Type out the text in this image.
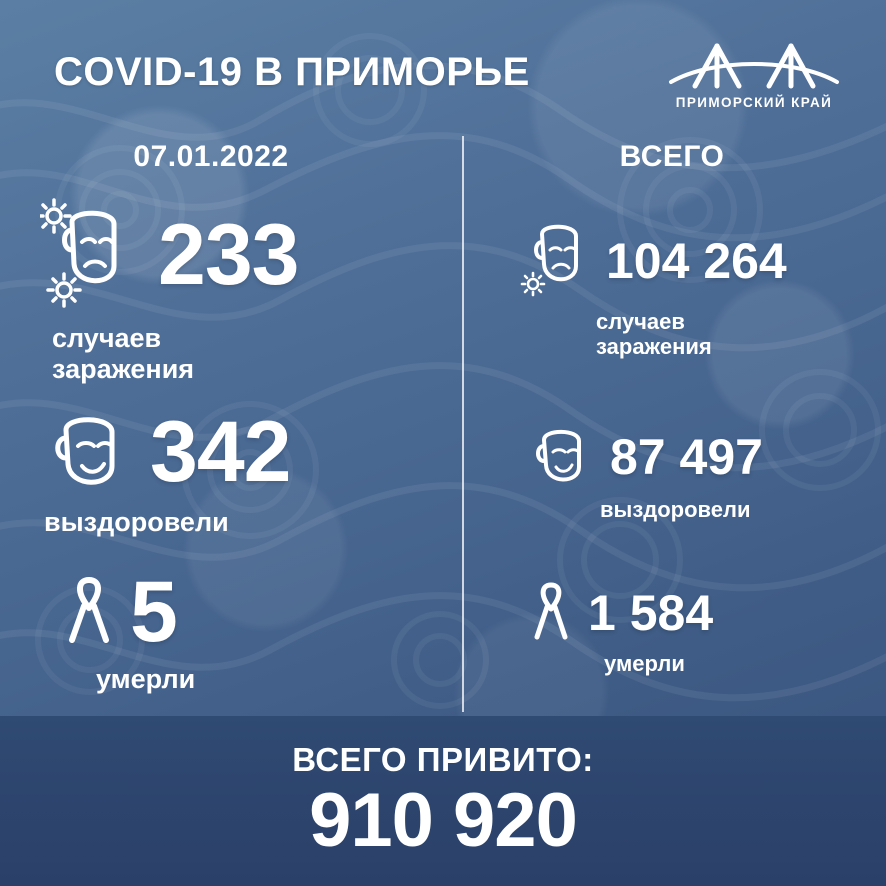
COVID-19 В ПРИМОРЬЕ
ПРИМОРСКИЙ КРАЙ
07.01.2022
233
случаев
заражения
342
выздоровели
5
умерли
ВСЕГО
104 264
случаев
заражения
87 497
выздоровели
1 584
умерли
ВСЕГО ПРИВИТО:
910 920
